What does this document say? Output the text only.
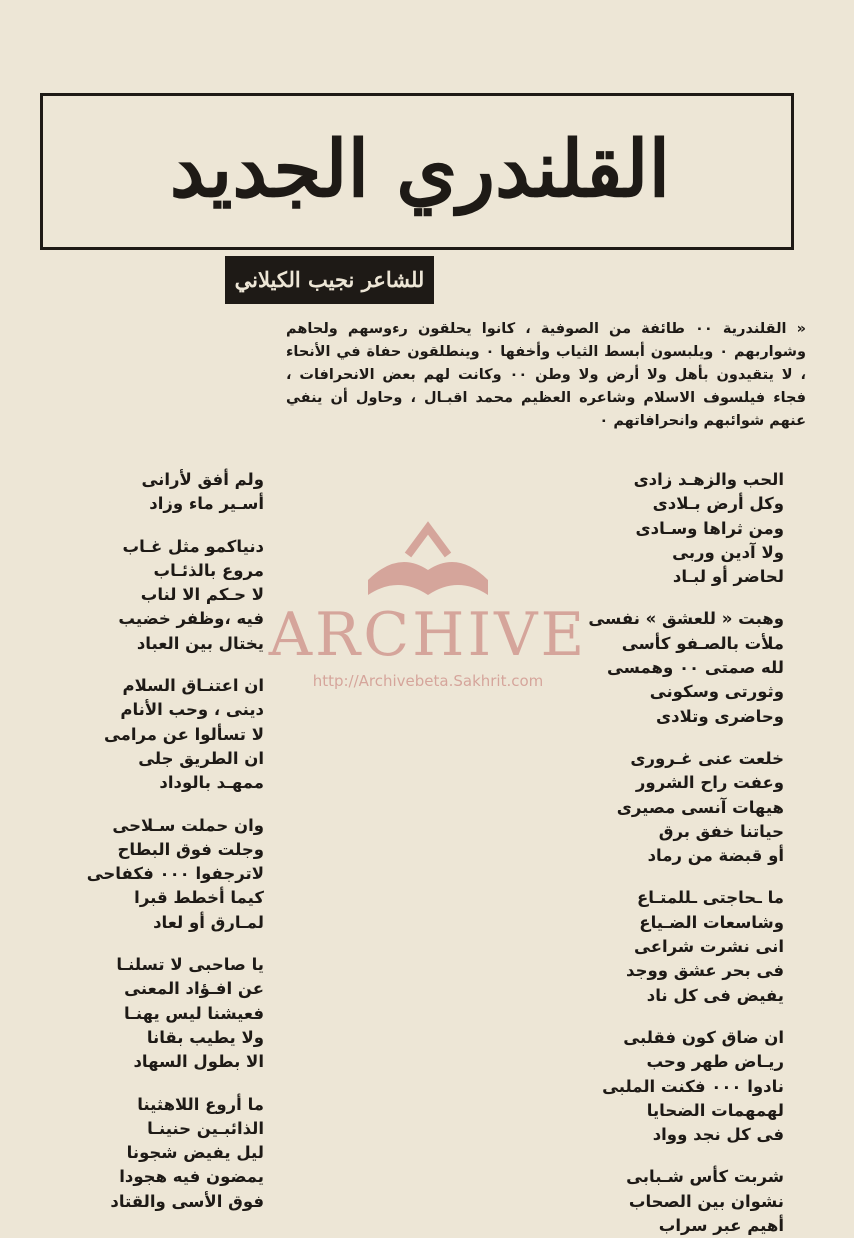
القلندري الجديد
للشاعر نجيب الكيلاني
« القلندرية ٠٠ طائفة من الصوفية ، كانوا يحلقون رءوسهم ولحاهم وشواربهم ٠ ويلبسون أبسط الثياب وأخفها ٠ وينطلقون حفاة في الأنحاء ، لا يتقيدون بأهل ولا أرض ولا وطن ٠٠ وكانت لهم بعض الانحرافات ، فجاء فيلسوف الاسلام وشاعره العظيم محمد اقبـال ، وحاول أن ينفي عنهم شوائبهم وانحرافاتهم ٠
الحب والزهـد زادى
وكل أرض بـلادى
ومن ثراها وسـادى
ولا آدين وربى
لحاضر أو لبـاد
وهبت « للعشق » نفسى
ملأت بالصـفو كأسى
لله صمتى ٠٠ وهمسى
وثورتى وسكونى
وحاضرى وتلادى
خلعت عنى غـرورى
وعفت راح الشرور
هيهات آنسى مصيرى
حياتنا خفق برق
أو قبضة من رماد
ما ـحاجتى ـللمتـاع
وشاسعات الضـياع
انى نشرت شراعى
فى بحر عشق ووجد
يفيض فى كل ناد
ان ضاق كون فقلبى
ريـاض طهر وحب
نادوا ٠٠٠ فكنت الملبى
لهمهمات الضحايا
فى كل نجد وواد
شربت كأس شـبابى
نشوان بين الصحاب
أهيم عبر سراب
ولم أفق لأرانى
أسـير ماء وزاد
دنياكمو مثل غـاب
مروع بالذئـاب
لا حـكم الا لناب
فيه ،وظفر خضيب
يختال بين العباد
ان اعتنـاق السلام
دينى ، وحب الأنام
لا تسألوا عن مرامى
ان الطريق جلى
ممهـد بالوداد
وان حملت سـلاحى
وجلت فوق البطاح
لاترجفوا ٠٠٠ فكفاحى
كيما أخطط قبرا
لمـارق أو لعاد
يا صاحبى لا تسلنـا
عن افـؤاد المعنى
فعيشنا ليس يهنـا
ولا يطيب بقانا
الا بطول السهاد
ما أروع اللاهثينا
الذائبـين حنينـا
ليل يفيض شجونا
يمضون فيه هجودا
فوق الأسى والقتاد
ARCHIVE
http://Archivebeta.Sakhrit.com
